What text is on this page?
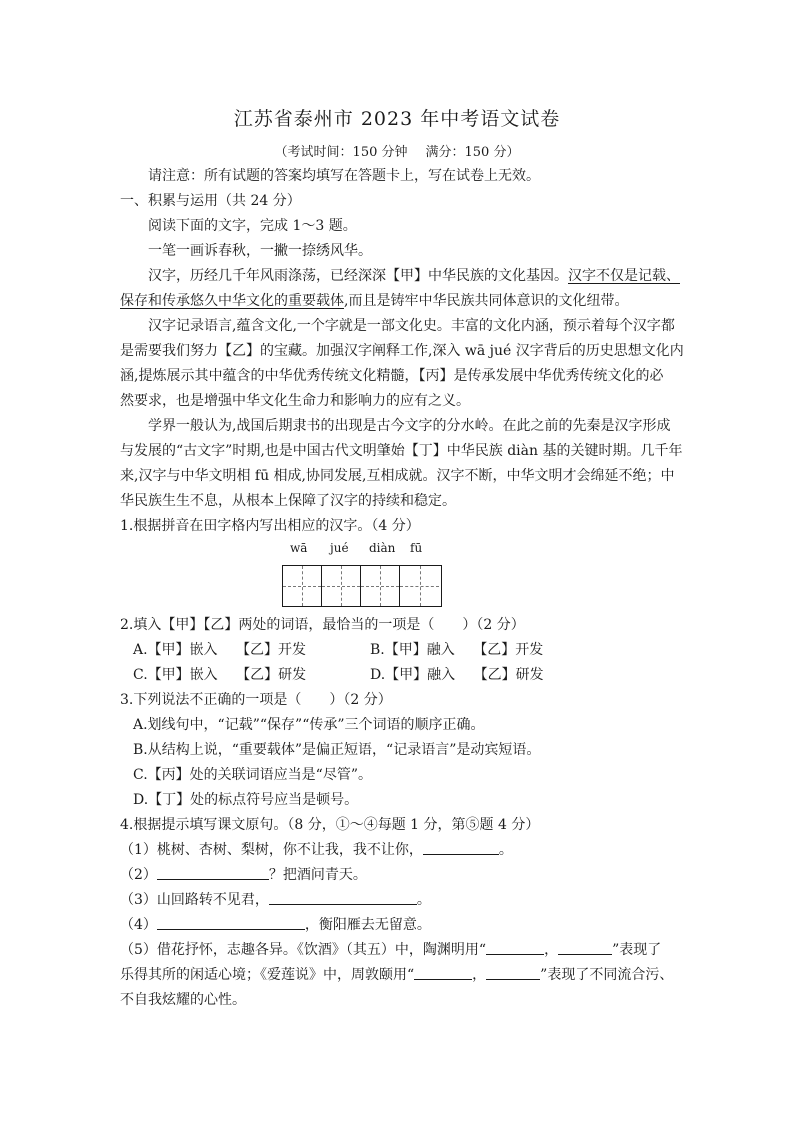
江苏省泰州市 2023 年中考语文试卷
（考试时间：150 分钟 满分：150 分）
请注意：所有试题的答案均填写在答题卡上，写在试卷上无效。
一、积累与运用（共 24 分）
阅读下面的文字，完成 1～3 题。
一笔一画诉春秋，一撇一捺绣风华。
汉字，历经几千年风雨涤荡，已经深深【甲】中华民族的文化基因。汉字不仅是记载、
保存和传承悠久中华文化的重要载体,而且是铸牢中华民族共同体意识的文化纽带。
汉字记录语言,蕴含文化,一个字就是一部文化史。丰富的文化内涵，预示着每个汉字都
是需要我们努力【乙】的宝藏。加强汉字阐释工作,深入 wā jué 汉字背后的历史思想文化内
涵,提炼展示其中蕴含的中华优秀传统文化精髓，【丙】是传承发展中华优秀传统文化的必
然要求，也是增强中华文化生命力和影响力的应有之义。
学界一般认为,战国后期隶书的出现是古今文字的分水岭。在此之前的先秦是汉字形成
与发展的“古文字”时期,也是中国古代文明肇始【丁】中华民族 diàn 基的关键时期。几千年
来,汉字与中华文明相 fū 相成,协同发展,互相成就。汉字不断，中华文明才会绵延不绝；中
华民族生生不息，从根本上保障了汉字的持续和稳定。
1.根据拼音在田字格内写出相应的汉字。（4 分）
wā jué diàn fū
2.填入【甲】【乙】两处的词语，最恰当的一项是（　　）（2 分）
A.【甲】嵌入　 【乙】开发	B.【甲】融入　 【乙】开发
C.【甲】嵌入　 【乙】研发	D.【甲】融入　 【乙】研发
3.下列说法不正确的一项是（　　）（2 分）
A.划线句中，“记载”“保存”“传承”三个词语的顺序正确。
B.从结构上说，“重要载体”是偏正短语，“记录语言”是动宾短语。
C.【丙】处的关联词语应当是“尽管”。
D.【丁】处的标点符号应当是顿号。
4.根据提示填写课文原句。（8 分，①～④每题 1 分，第⑤题 4 分）
（1）桃树、杏树、梨树，你不让我，我不让你，	。
（2）	？把酒问青天。
（3）山回路转不见君，	。
（4）	，衡阳雁去无留意。
（5）借花抒怀，志趣各异。《饮酒》（其五）中，陶渊明用“	，	”表现了
乐得其所的闲适心境；《爱莲说》中，周敦颐用“	，	”表现了不同流合污、
不自我炫耀的心性。
